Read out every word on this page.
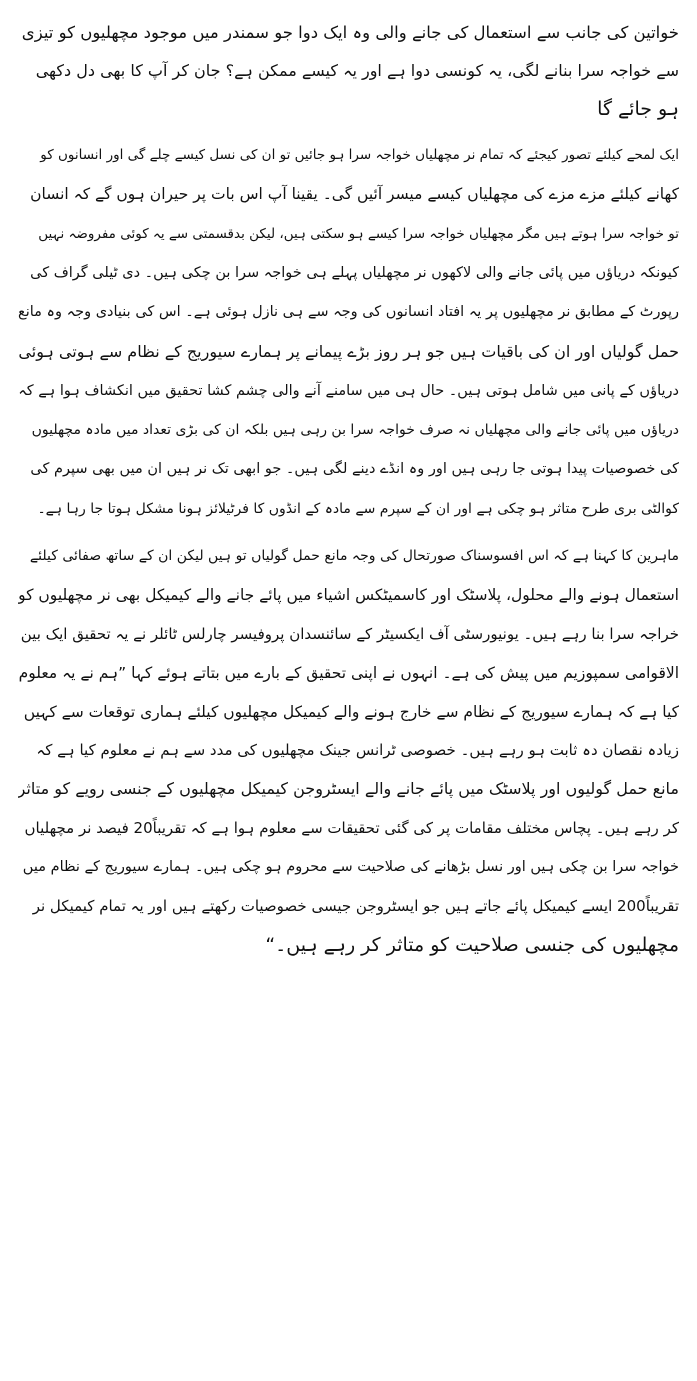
خواتین کی جانب سے استعمال کی جانے والی وہ ایک دوا جو سمندر میں موجود مچھلیوں کو تیزی
سے خواجہ سرا بنانے لگی، یہ کونسی دوا ہے اور یہ کیسے ممکن ہے؟ جان کر آپ کا بھی دل دکھی
ہو جائے گا
ایک لمحے کیلئے تصور کیجئے کہ تمام نر مچھلیاں خواجہ سرا ہو جائیں تو ان کی نسل کیسے چلے گی اور انسانوں کو
کھانے کیلئے مزے مزے کی مچھلیاں کیسے میسر آئیں گی۔ یقینا آپ اس بات پر حیران ہوں گے کہ انسان
تو خواجہ سرا ہوتے ہیں مگر مچھلیاں خواجہ سرا کیسے ہو سکتی ہیں، لیکن بدقسمتی سے یہ کوئی مفروضہ نہیں
کیونکہ دریاؤں میں پائی جانے والی لاکھوں نر مچھلیاں پہلے ہی خواجہ سرا بن چکی ہیں۔ دی ٹیلی گراف کی
رپورٹ کے مطابق نر مچھلیوں پر یہ افتاد انسانوں کی وجہ سے ہی نازل ہوئی ہے۔ اس کی بنیادی وجہ وہ مانع
حمل گولیاں اور ان کی باقیات ہیں جو ہر روز بڑے پیمانے پر ہمارے سیوریج کے نظام سے ہوتی ہوئی
دریاؤں کے پانی میں شامل ہوتی ہیں۔ حال ہی میں سامنے آنے والی چشم کشا تحقیق میں انکشاف ہوا ہے کہ
دریاؤں میں پائی جانے والی مچھلیاں نہ صرف خواجہ سرا بن رہی ہیں بلکہ ان کی بڑی تعداد میں مادہ مچھلیوں
کی خصوصیات پیدا ہوتی جا رہی ہیں اور وہ انڈے دینے لگی ہیں۔ جو ابھی تک نر ہیں ان میں بھی سپرم کی
کوالٹی بری طرح متاثر ہو چکی ہے اور ان کے سپرم سے مادہ کے انڈوں کا فرٹیلائز ہونا مشکل ہوتا جا رہا ہے۔
ماہرین کا کہنا ہے کہ اس افسوسناک صورتحال کی وجہ مانع حمل گولیاں تو ہیں لیکن ان کے ساتھ صفائی کیلئے
استعمال ہونے والے محلول، پلاسٹک اور کاسمیٹکس اشیاء میں پائے جانے والے کیمیکل بھی نر مچھلیوں کو
خراجہ سرا بنا رہے ہیں۔ یونیورسٹی آف ایکسیٹر کے سائنسدان پروفیسر چارلس ٹائلر نے یہ تحقیق ایک بین
الاقوامی سمپوزیم میں پیش کی ہے۔ انہوں نے اپنی تحقیق کے بارے میں بتاتے ہوئے کہا ”ہم نے یہ معلوم
کیا ہے کہ ہمارے سیوریج کے نظام سے خارج ہونے والے کیمیکل مچھلیوں کیلئے ہماری توقعات سے کہیں
زیادہ نقصان دہ ثابت ہو رہے ہیں۔ خصوصی ٹرانس جینک مچھلیوں کی مدد سے ہم نے معلوم کیا ہے کہ
مانع حمل گولیوں اور پلاسٹک میں پائے جانے والے ایسٹروجن کیمیکل مچھلیوں کے جنسی رویے کو متاثر
کر رہے ہیں۔ پچاس مختلف مقامات پر کی گئی تحقیقات سے معلوم ہوا ہے کہ تقریباً20 فیصد نر مچھلیاں
خواجہ سرا بن چکی ہیں اور نسل بڑھانے کی صلاحیت سے محروم ہو چکی ہیں۔ ہمارے سیوریج کے نظام میں
تقریباً200 ایسے کیمیکل پائے جاتے ہیں جو ایسٹروجن جیسی خصوصیات رکھتے ہیں اور یہ تمام کیمیکل نر
مچھلیوں کی جنسی صلاحیت کو متاثر کر رہے ہیں۔“
